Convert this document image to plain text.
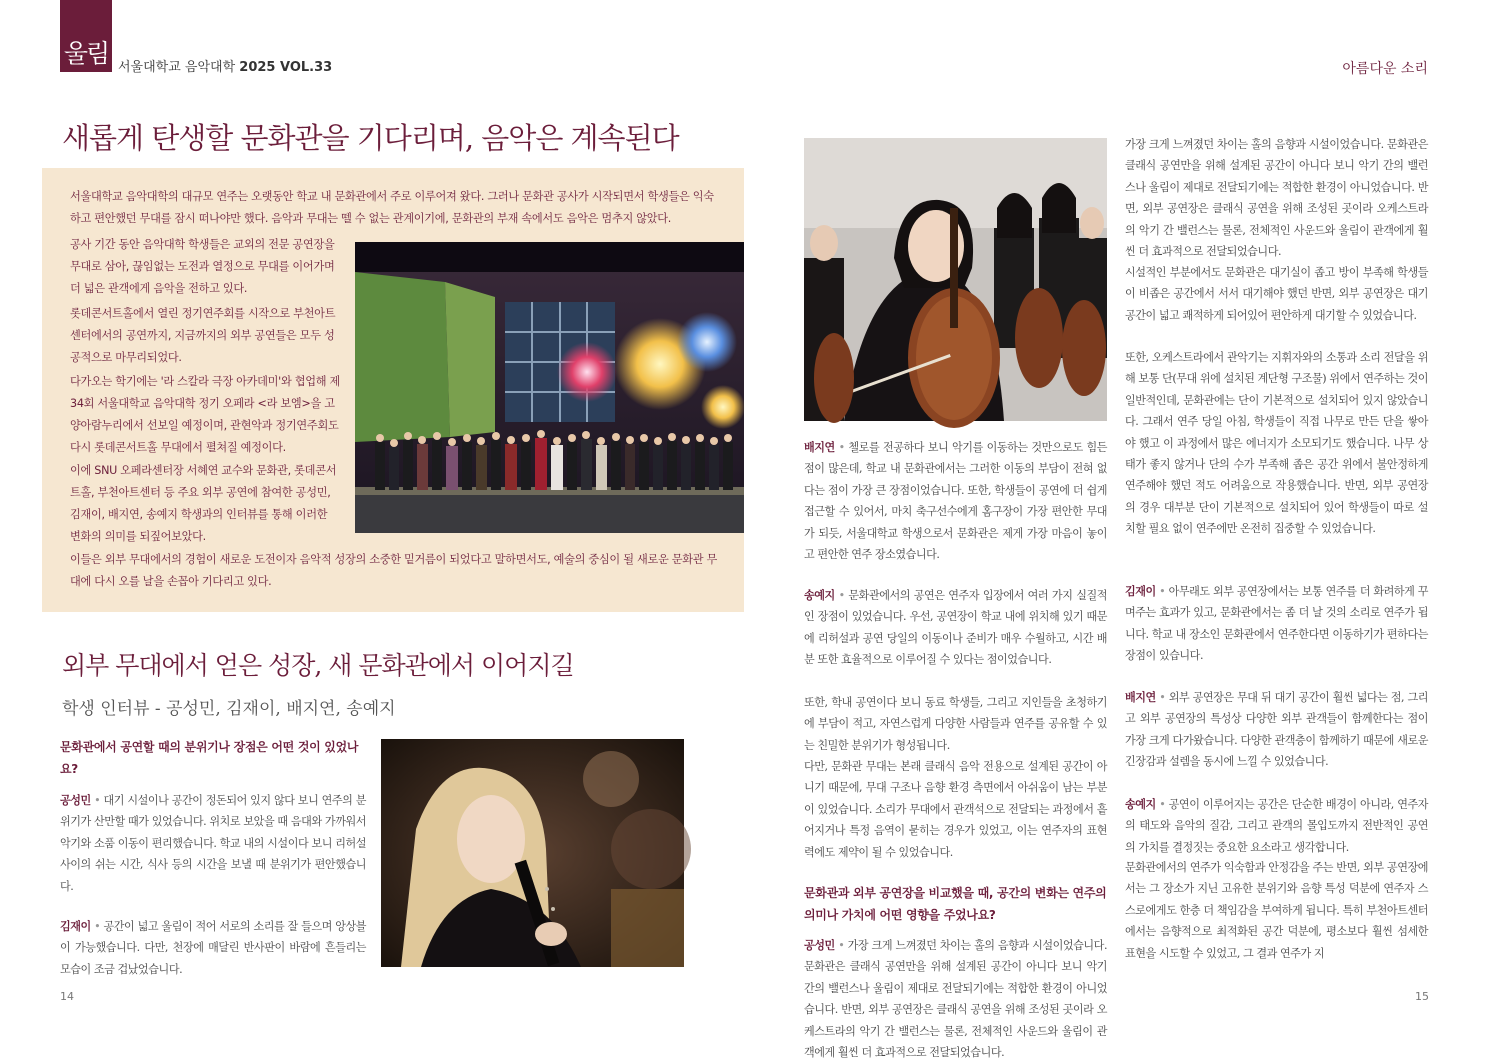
울림 서울대학교 음악대학 2025 VOL.33	아름다운 소리
새롭게 탄생할 문화관을 기다리며, 음악은 계속된다
서울대학교 음악대학의 대규모 연주는 오랫동안 학교 내 문화관에서 주로 이루어져 왔다. 그러나 문화관 공사가 시작되면서 학생들은 익숙하고 편안했던 무대를 잠시 떠나야만 했다. 음악과 무대는 뗄 수 없는 관계이기에, 문화관의 부재 속에서도 음악은 멈추지 않았다.
공사 기간 동안 음악대학 학생들은 교외의 전문 공연장을 무대로 삼아, 끊임없는 도전과 열정으로 무대를 이어가며 더 넓은 관객에게 음악을 전하고 있다.
롯데콘서트홀에서 열린 정기연주회를 시작으로 부천아트센터에서의 공연까지, 지금까지의 외부 공연들은 모두 성공적으로 마무리되었다.
다가오는 학기에는 '라 스칼라 극장 아카데미'와 협업해 제34회 서울대학교 음악대학 정기 오페라 <라 보엠>을 고양아람누리에서 선보일 예정이며, 관현악과 정기연주회도 다시 롯데콘서트홀 무대에서 펼쳐질 예정이다.
이에 SNU 오페라센터장 서혜연 교수와 문화관, 롯데콘서트홀, 부천아트센터 등 주요 외부 공연에 참여한 공성민, 김재이, 배지연, 송예지 학생과의 인터뷰를 통해 이러한 변화의 의미를 되짚어보았다.
이들은 외부 무대에서의 경험이 새로운 도전이자 음악적 성장의 소중한 밑거름이 되었다고 말하면서도, 예술의 중심이 될 새로운 문화관 무대에 다시 오를 날을 손꼽아 기다리고 있다.
외부 무대에서 얻은 성장, 새 문화관에서 이어지길
학생 인터뷰 - 공성민, 김재이, 배지연, 송예지
문화관에서 공연할 때의 분위기나 장점은 어떤 것이 있었나요?
공성민 • 대기 시설이나 공간이 정돈되어 있지 않다 보니 연주의 분위기가 산만할 때가 있었습니다. 위치로 보았을 때 음대와 가까워서 악기와 소품 이동이 편리했습니다. 학교 내의 시설이다 보니 리허설 사이의 쉬는 시간, 식사 등의 시간을 보낼 때 분위기가 편안했습니다.
김재이 • 공간이 넓고 울림이 적어 서로의 소리를 잘 들으며 앙상블이 가능했습니다. 다만, 천장에 매달린 반사판이 바람에 흔들리는 모습이 조금 겁났었습니다.
배지연 • 첼로를 전공하다 보니 악기를 이동하는 것만으로도 힘든 점이 많은데, 학교 내 문화관에서는 그러한 이동의 부담이 전혀 없다는 점이 가장 큰 장점이었습니다. 또한, 학생들이 공연에 더 쉽게 접근할 수 있어서, 마치 축구선수에게 홈구장이 가장 편안한 무대가 되듯, 서울대학교 학생으로서 문화관은 제게 가장 마음이 놓이고 편안한 연주 장소였습니다.
송예지 • 문화관에서의 공연은 연주자 입장에서 여러 가지 실질적인 장점이 있었습니다. 우선, 공연장이 학교 내에 위치해 있기 때문에 리허설과 공연 당일의 이동이나 준비가 매우 수월하고, 시간 배분 또한 효율적으로 이루어질 수 있다는 점이었습니다.
또한, 학내 공연이다 보니 동료 학생들, 그리고 지인들을 초청하기에 부담이 적고, 자연스럽게 다양한 사람들과 연주를 공유할 수 있는 친밀한 분위기가 형성됩니다.
다만, 문화관 무대는 본래 클래식 음악 전용으로 설계된 공간이 아니기 때문에, 무대 구조나 음향 환경 측면에서 아쉬움이 남는 부분이 있었습니다. 소리가 무대에서 관객석으로 전달되는 과정에서 흩어지거나 특정 음역이 묻히는 경우가 있었고, 이는 연주자의 표현력에도 제약이 될 수 있었습니다.
문화관과 외부 공연장을 비교했을 때, 공간의 변화는 연주의 의미나 가치에 어떤 영향을 주었나요?
공성민 • 가장 크게 느껴졌던 차이는 홀의 음향과 시설이었습니다. 문화관은 클래식 공연만을 위해 설계된 공간이 아니다 보니 악기 간의 밸런스나 울림이 제대로 전달되기에는 적합한 환경이 아니었습니다. 반면, 외부 공연장은 클래식 공연을 위해 조성된 곳이라 오케스트라의 악기 간 밸런스는 물론, 전체적인 사운드와 울림이 관객에게 훨씬 더 효과적으로 전달되었습니다.
가장 크게 느껴졌던 차이는 홀의 음향과 시설이었습니다. 문화관은 클래식 공연만을 위해 설계된 공간이 아니다 보니 악기 간의 밸런스나 울림이 제대로 전달되기에는 적합한 환경이 아니었습니다. 반면, 외부 공연장은 클래식 공연을 위해 조성된 곳이라 오케스트라의 악기 간 밸런스는 물론, 전체적인 사운드와 울림이 관객에게 훨씬 더 효과적으로 전달되었습니다.
시설적인 부분에서도 문화관은 대기실이 좁고 방이 부족해 학생들이 비좁은 공간에서 서서 대기해야 했던 반면, 외부 공연장은 대기 공간이 넓고 쾌적하게 되어있어 편안하게 대기할 수 있었습니다.
또한, 오케스트라에서 관악기는 지휘자와의 소통과 소리 전달을 위해 보통 단(무대 위에 설치된 계단형 구조물) 위에서 연주하는 것이 일반적인데, 문화관에는 단이 기본적으로 설치되어 있지 않았습니다. 그래서 연주 당일 아침, 학생들이 직접 나무로 만든 단을 쌓아야 했고 이 과정에서 많은 에너지가 소모되기도 했습니다. 나무 상태가 좋지 않거나 단의 수가 부족해 좁은 공간 위에서 불안정하게 연주해야 했던 적도 어려움으로 작용했습니다. 반면, 외부 공연장의 경우 대부분 단이 기본적으로 설치되어 있어 학생들이 따로 설치할 필요 없이 연주에만 온전히 집중할 수 있었습니다.
김재이 • 아무래도 외부 공연장에서는 보통 연주를 더 화려하게 꾸며주는 효과가 있고, 문화관에서는 좀 더 날 것의 소리로 연주가 됩니다. 학교 내 장소인 문화관에서 연주한다면 이동하기가 편하다는 장점이 있습니다.
배지연 • 외부 공연장은 무대 뒤 대기 공간이 훨씬 넓다는 점, 그리고 외부 공연장의 특성상 다양한 외부 관객들이 함께한다는 점이 가장 크게 다가왔습니다. 다양한 관객층이 함께하기 때문에 새로운 긴장감과 설렘을 동시에 느낄 수 있었습니다.
송예지 • 공연이 이루어지는 공간은 단순한 배경이 아니라, 연주자의 태도와 음악의 질감, 그리고 관객의 몰입도까지 전반적인 공연의 가치를 결정짓는 중요한 요소라고 생각합니다.
문화관에서의 연주가 익숙함과 안정감을 주는 반면, 외부 공연장에서는 그 장소가 지닌 고유한 분위기와 음향 특성 덕분에 연주자 스스로에게도 한층 더 책임감을 부여하게 됩니다. 특히 부천아트센터에서는 음향적으로 최적화된 공간 덕분에, 평소보다 훨씬 섬세한 표현을 시도할 수 있었고, 그 결과 연주가 지
14	15
